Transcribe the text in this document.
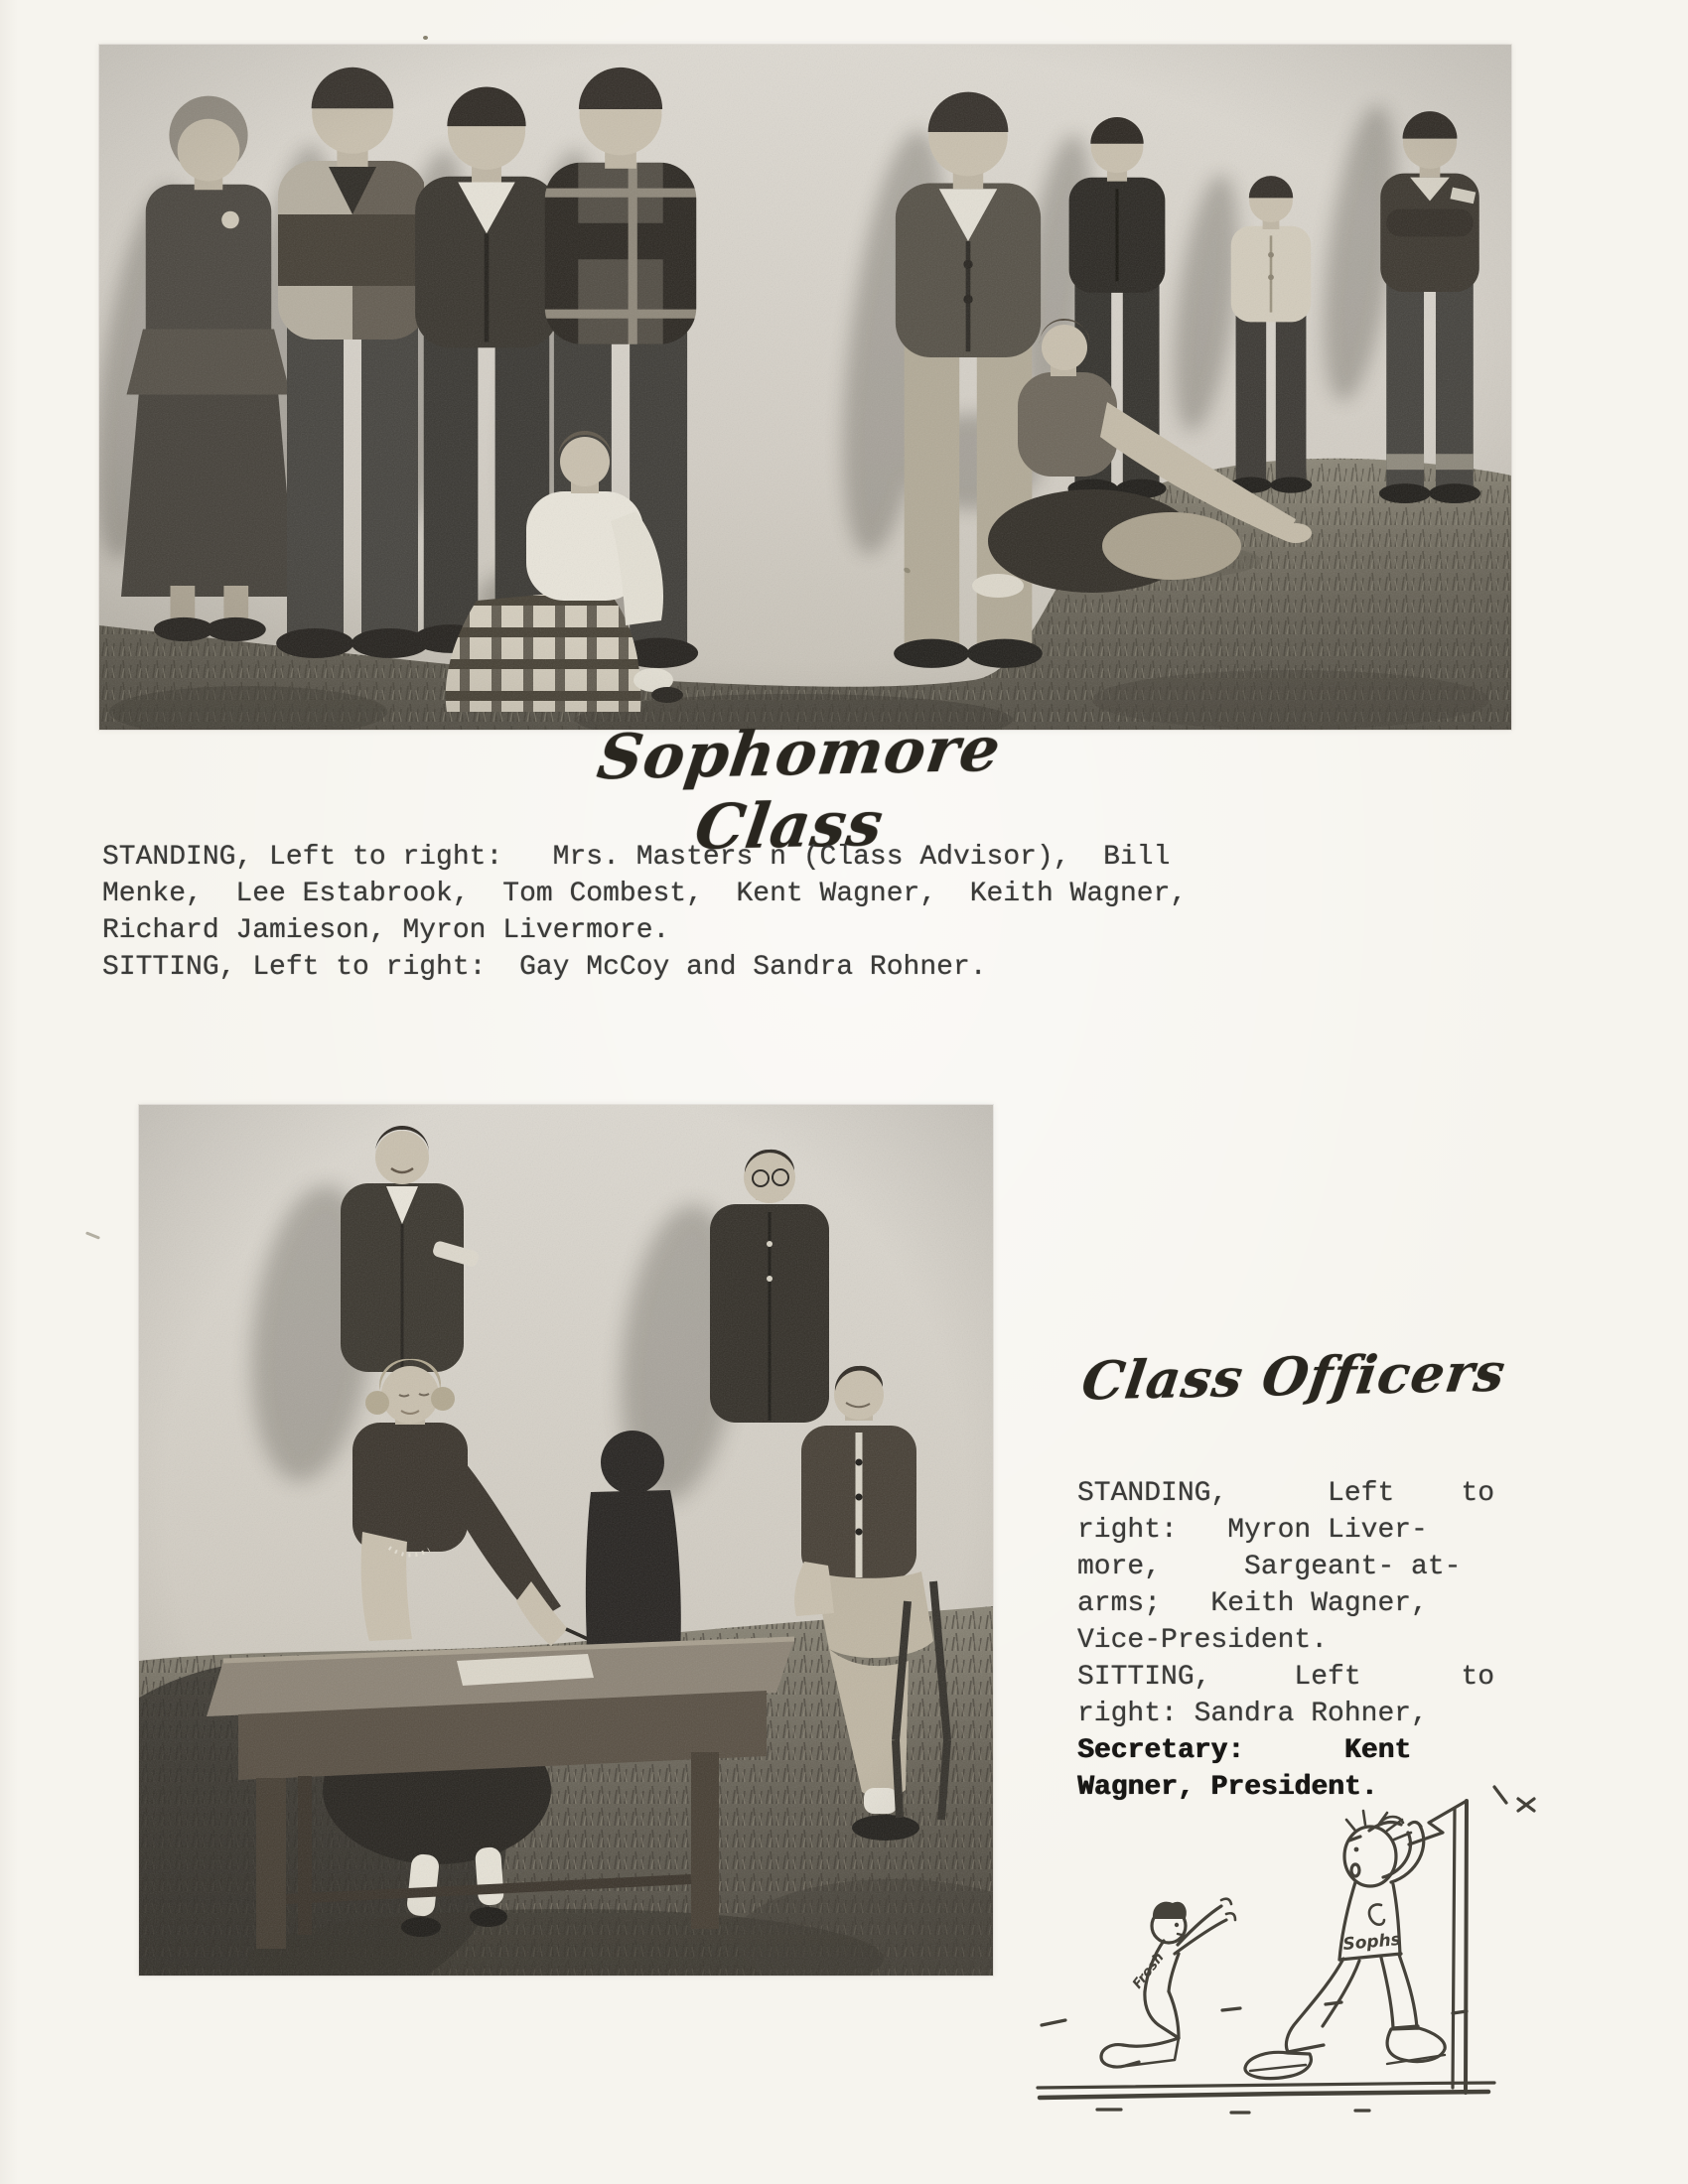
Sophomore Class
STANDING, Left to right:   Mrs. Masters n (Class Advisor),  Bill
Menke,  Lee Estabrook,  Tom Combest,  Kent Wagner,  Keith Wagner,
Richard Jamieson, Myron Livermore.
SITTING, Left to right:  Gay McCoy and Sandra Rohner.
Class Officers
STANDING,      Left    to
right:   Myron Liver-
more,     Sargeant- at-
arms;   Keith Wagner,
Vice-President.
SITTING,     Left      to
right: Sandra Rohner,
Secretary:      Kent
Wagner, President.
Sophs
Frosh
